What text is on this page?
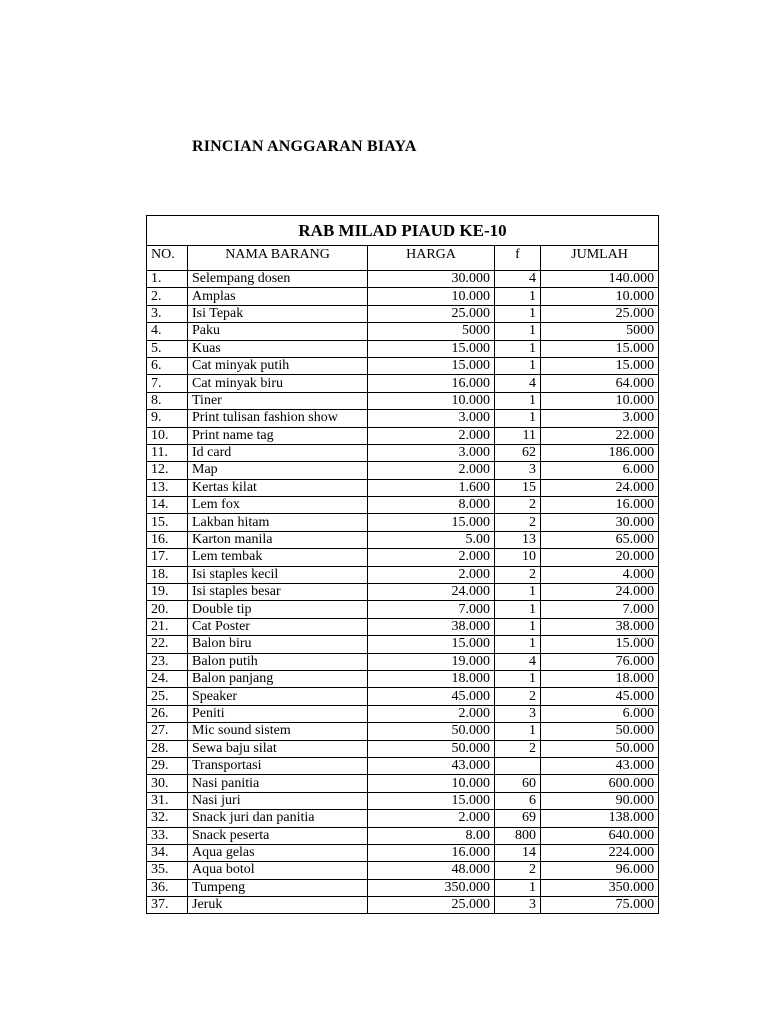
RINCIAN ANGGARAN BIAYA
RAB MILAD PIAUD KE-10				
NO.	NAMA BARANG	HARGA	f	JUMLAH
1.	Selempang dosen	30.000	4	140.000
2.	Amplas	10.000	1	10.000
3.	Isi Tepak	25.000	1	25.000
4.	Paku	5000	1	5000
5.	Kuas	15.000	1	15.000
6.	Cat minyak putih	15.000	1	15.000
7.	Cat minyak biru	16.000	4	64.000
8.	Tiner	10.000	1	10.000
9.	Print tulisan fashion show	3.000	1	3.000
10.	Print name tag	2.000	11	22.000
11.	Id card	3.000	62	186.000
12.	Map	2.000	3	6.000
13.	Kertas kilat	1.600	15	24.000
14.	Lem fox	8.000	2	16.000
15.	Lakban hitam	15.000	2	30.000
16.	Karton manila	5.00	13	65.000
17.	Lem tembak	2.000	10	20.000
18.	Isi staples kecil	2.000	2	4.000
19.	Isi staples besar	24.000	1	24.000
20.	Double tip	7.000	1	7.000
21.	Cat Poster	38.000	1	38.000
22.	Balon biru	15.000	1	15.000
23.	Balon putih	19.000	4	76.000
24.	Balon panjang	18.000	1	18.000
25.	Speaker	45.000	2	45.000
26.	Peniti	2.000	3	6.000
27.	Mic sound sistem	50.000	1	50.000
28.	Sewa baju silat	50.000	2	50.000
29.	Transportasi	43.000		43.000
30.	Nasi panitia	10.000	60	600.000
31.	Nasi juri	15.000	6	90.000
32.	Snack juri dan panitia	2.000	69	138.000
33.	Snack peserta	8.00	800	640.000
34.	Aqua gelas	16.000	14	224.000
35.	Aqua botol	48.000	2	96.000
36.	Tumpeng	350.000	1	350.000
37.	Jeruk	25.000	3	75.000
